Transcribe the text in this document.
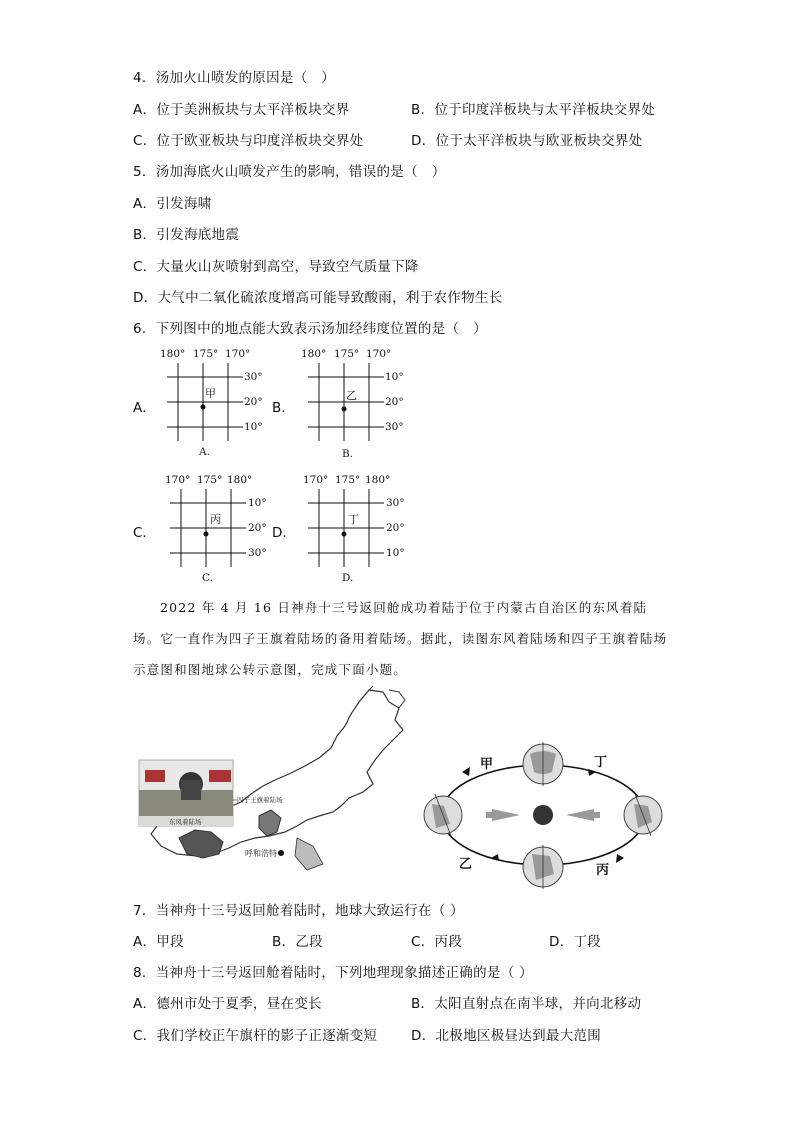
4．汤加火山喷发的原因是（　）
A．位于美洲板块与太平洋板块交界	B．位于印度洋板块与太平洋板块交界处
C．位于欧亚板块与印度洋板块交界处	D．位于太平洋板块与欧亚板块交界处
5．汤加海底火山喷发产生的影响，错误的是（　）
A．引发海啸
B．引发海底地震
C．大量火山灰喷射到高空，导致空气质量下降
D．大气中二氧化硫浓度增高可能导致酸雨，利于农作物生长
6．下列图中的地点能大致表示汤加经纬度位置的是（　）
A．
180° 175° 170°
30°
20°
10°
甲
A.
B．
180° 175° 170°
10°
20°
30°
乙
B.
C．
170° 175° 180°
10°
20°
30°
丙
C.
D．
170° 175° 180°
30°
20°
10°
丁
D.
2022 年 4 月 16 日神舟十三号返回舱成功着陆于位于内蒙古自治区的东风着陆场。它一直作为四子王旗着陆场的备用着陆场。据此，读图东风着陆场和四子王旗着陆场示意图和图地球公转示意图，完成下面小题。
四子王旗着陆场
东风着陆场
呼和浩特
甲	丁
乙	丙
7．当神舟十三号返回舱着陆时，地球大致运行在（ ）
A．甲段	B．乙段	C．丙段	D．丁段
8．当神舟十三号返回舱着陆时，下列地理现象描述正确的是（ ）
A．德州市处于夏季，昼在变长	B．太阳直射点在南半球，并向北移动
C．我们学校正午旗杆的影子正逐渐变短 D．北极地区极昼达到最大范围
